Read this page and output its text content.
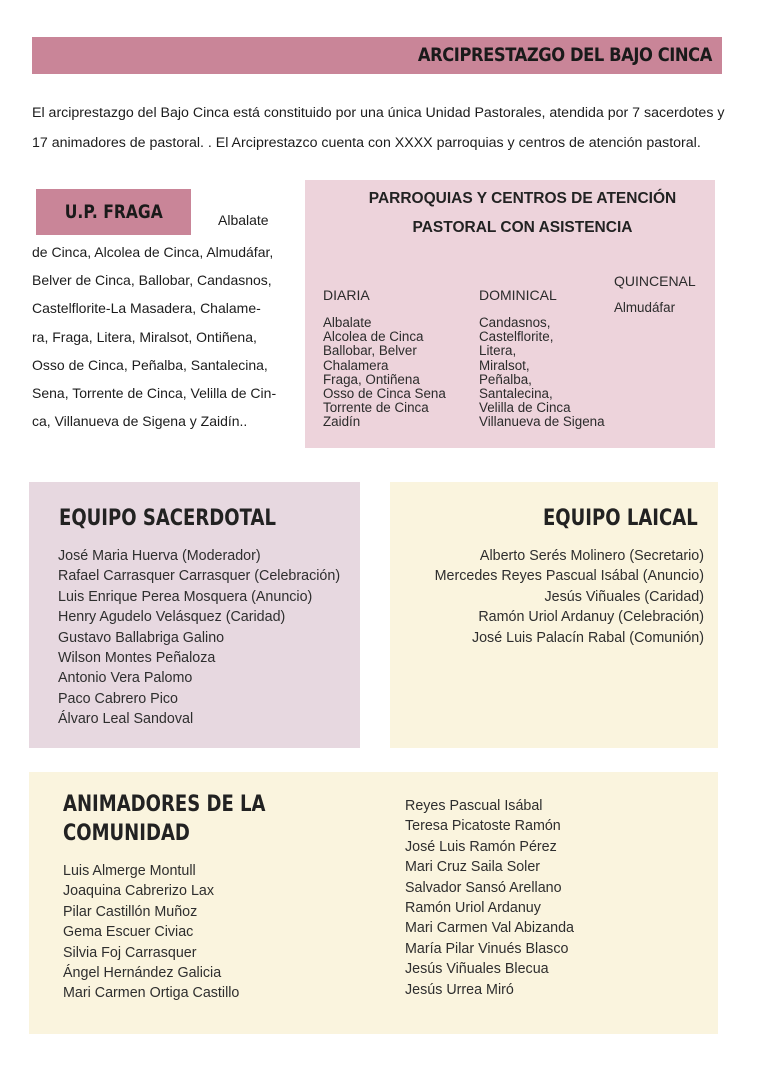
ARCIPRESTAZGO DEL BAJO CINCA

El arciprestazgo del Bajo Cinca está constituido por una única Unidad Pastorales, atendida por 7 sacerdotes y
17 animadores de pastoral. . El Arciprestazco cuenta con XXXX parroquias y centros de atención pastoral.

U.P. FRAGA	Albalate
de Cinca, Alcolea de Cinca, Almudáfar,
Belver de Cinca, Ballobar, Candasnos,
Castelflorite-La Masadera, Chalame-
ra, Fraga, Litera, Miralsot, Ontiñena,
Osso de Cinca, Peñalba, Santalecina,
Sena, Torrente de Cinca, Velilla de Cin-
ca, Villanueva de Sigena y Zaidín..
PARROQUIAS Y CENTROS DE ATENCIÓN
PASTORAL CON ASISTENCIA
DIARIA
Albalate
Alcolea de Cinca
Ballobar, Belver
Chalamera
Fraga, Ontiñena
Osso de Cinca Sena
Torrente de Cinca
Zaidín
DOMINICAL
Candasnos,
Castelflorite,
Litera,
Miralsot,
Peñalba,
Santalecina,
Velilla de Cinca
Villanueva de Sigena
QUINCENAL
Almudáfar
EQUIPO SACERDOTAL
José Maria Huerva (Moderador)
Rafael Carrasquer Carrasquer (Celebración)
Luis Enrique Perea Mosquera (Anuncio)
Henry Agudelo Velásquez (Caridad)
Gustavo Ballabriga Galino
Wilson Montes Peñaloza
Antonio Vera Palomo
Paco Cabrero Pico
Álvaro Leal Sandoval
EQUIPO LAICAL
Alberto Serés Molinero (Secretario)
Mercedes Reyes Pascual Isábal (Anuncio)
Jesús Viñuales (Caridad)
Ramón Uriol Ardanuy (Celebración)
José Luis Palacín Rabal (Comunión)
ANIMADORES DE LA
COMUNIDAD
Luis Almerge Montull
Joaquina Cabrerizo Lax
Pilar Castillón Muñoz
Gema Escuer Civiac
Silvia Foj Carrasquer
Ángel Hernández Galicia
Mari Carmen Ortiga Castillo
Reyes Pascual Isábal
Teresa Picatoste Ramón
José Luis Ramón Pérez
Mari Cruz Saila Soler
Salvador Sansó Arellano
Ramón Uriol Ardanuy
Mari Carmen Val Abizanda
María Pilar Vinués Blasco
Jesús Viñuales Blecua
Jesús Urrea Miró
